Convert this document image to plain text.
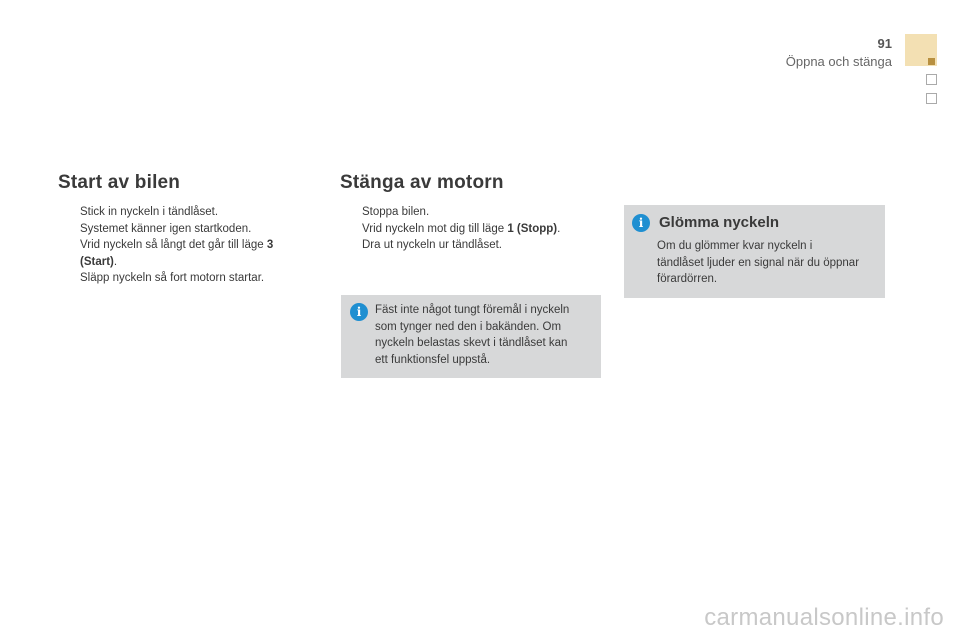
91
Öppna och stänga
Start av bilen
Stick in nyckeln i tändlåset.
Systemet känner igen startkoden.
Vrid nyckeln så långt det går till läge 3
(Start).
Släpp nyckeln så fort motorn startar.
Stänga av motorn
Stoppa bilen.
Vrid nyckeln mot dig till läge 1 (Stopp).
Dra ut nyckeln ur tändlåset.
i	Fäst inte något tungt föremål i nyckeln
som tynger ned den i bakänden. Om
nyckeln belastas skevt i tändlåset kan
ett funktionsfel uppstå.
i	Glömma nyckeln
Om du glömmer kvar nyckeln i
tändlåset ljuder en signal när du öppnar
förardörren.
carmanualsonline.info
